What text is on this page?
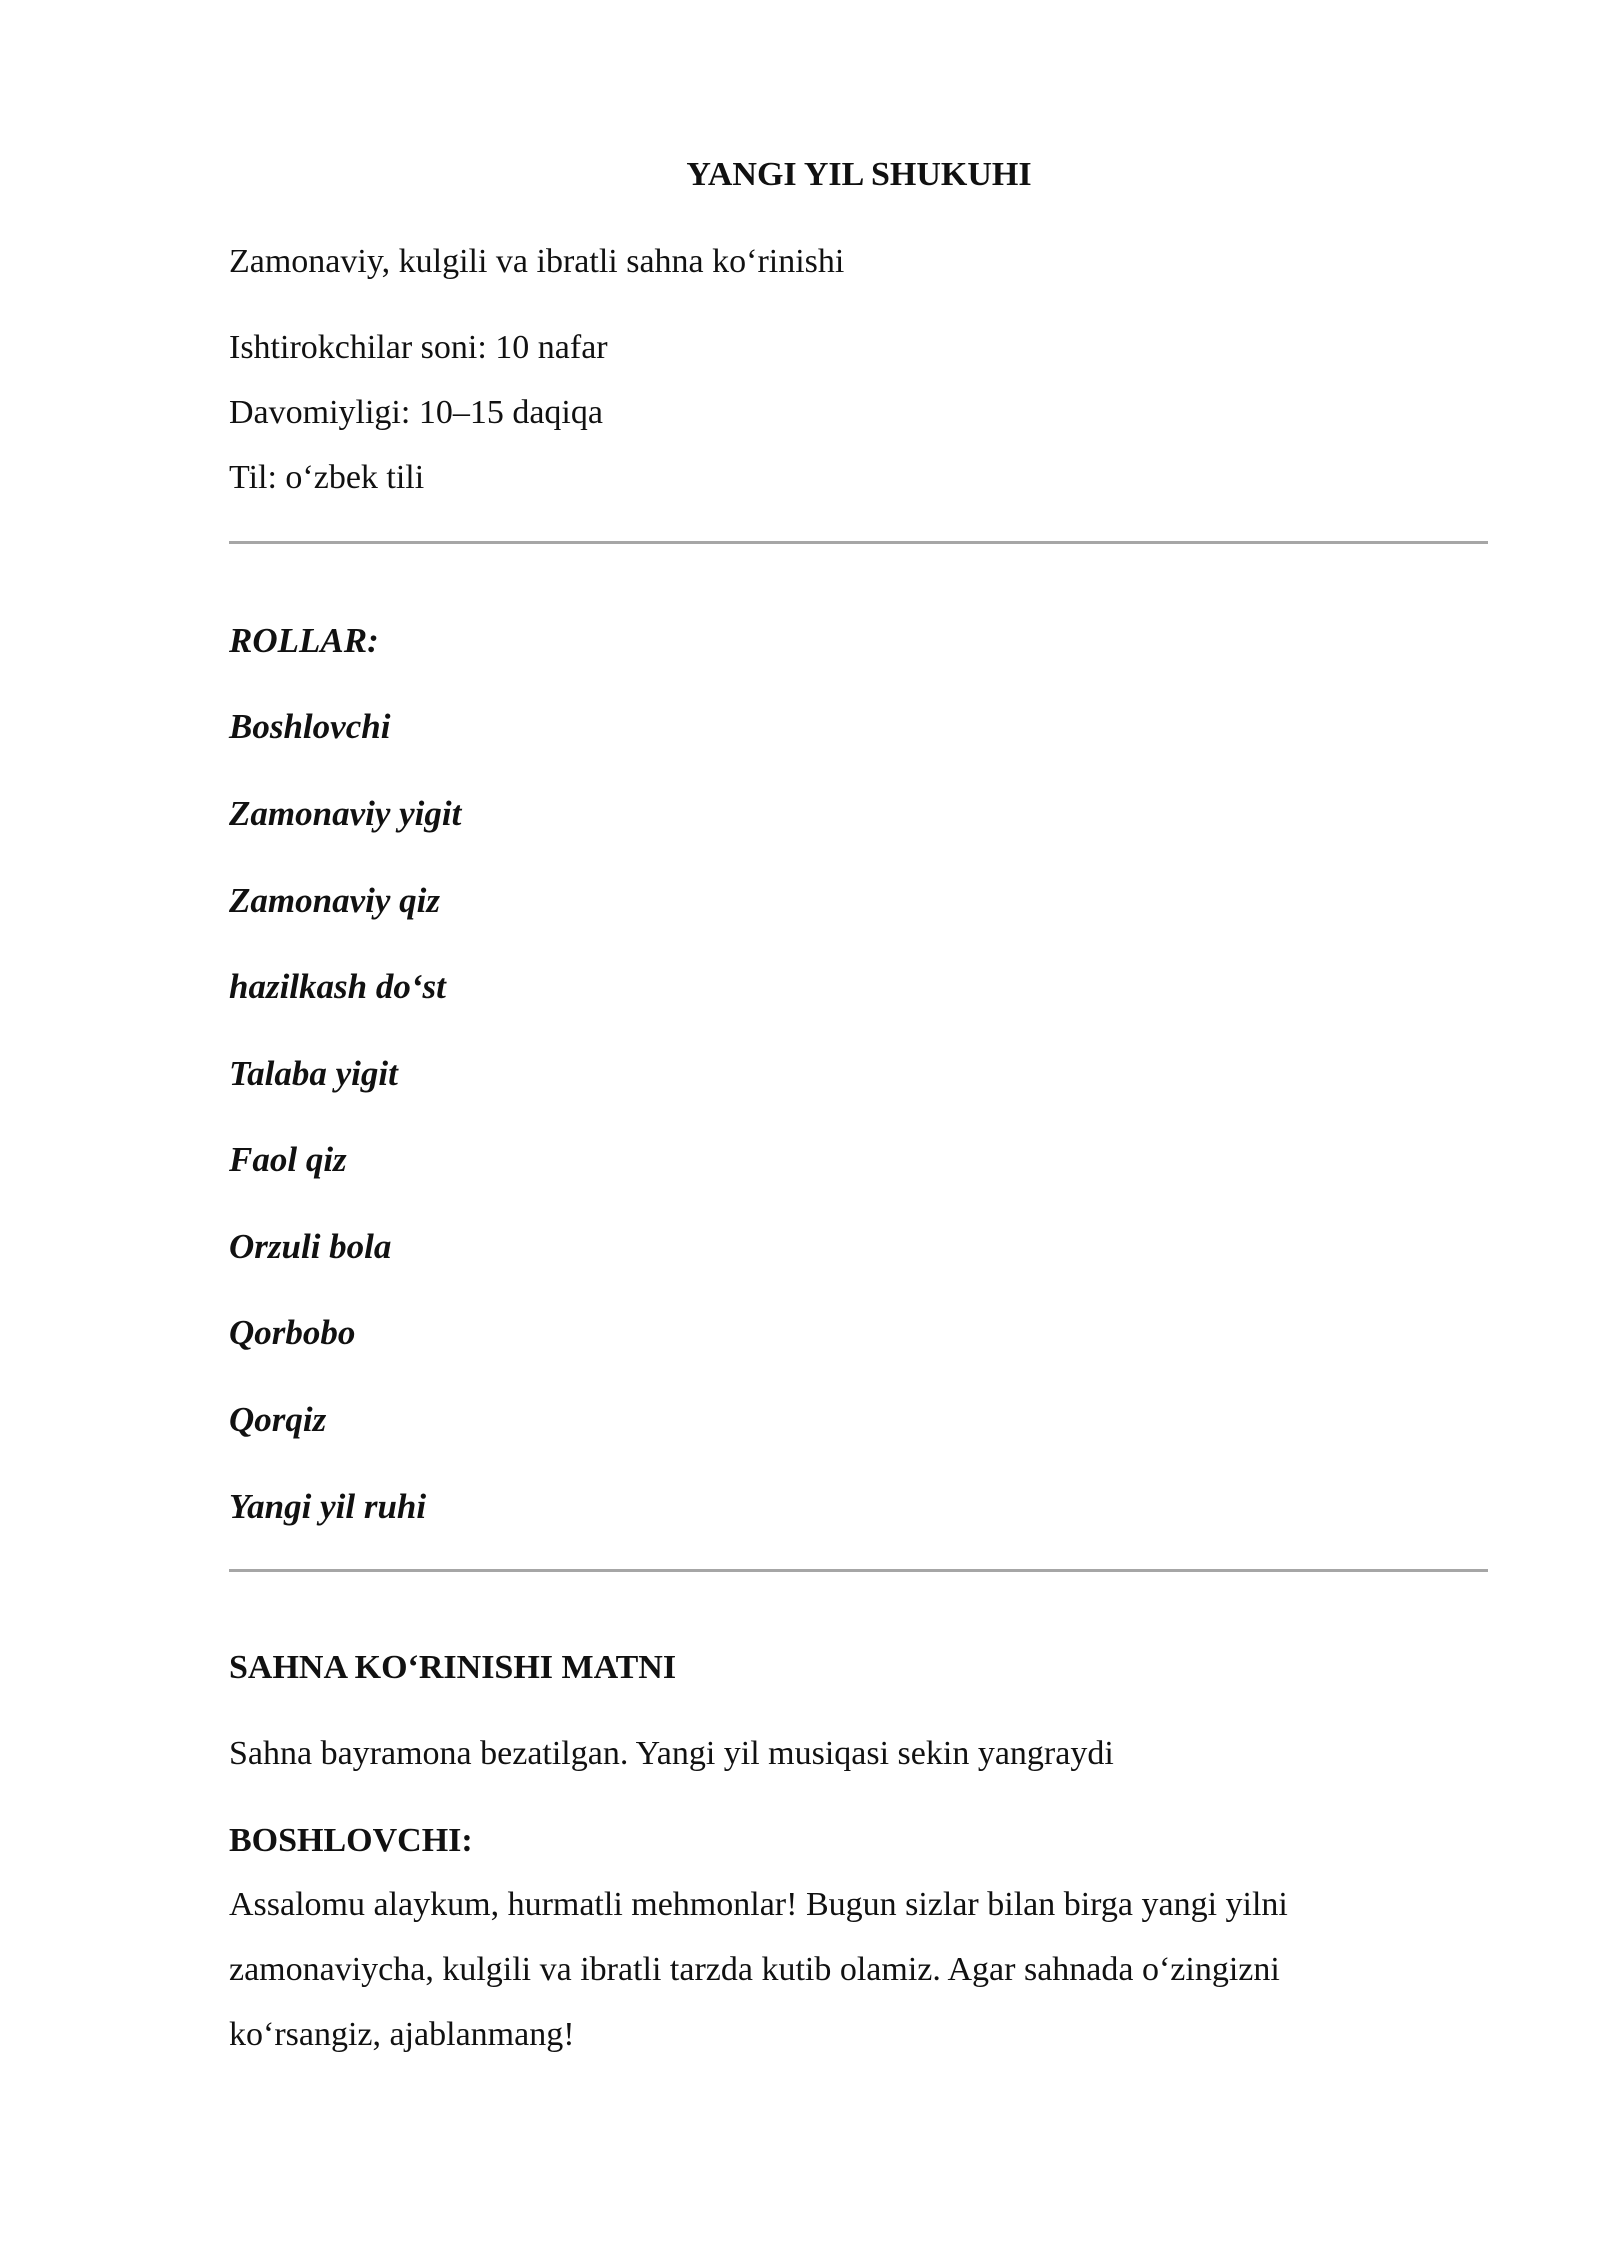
YANGI YIL SHUKUHI
Zamonaviy, kulgili va ibratli sahna ko‘rinishi
Ishtirokchilar soni: 10 nafar
Davomiyligi: 10–15 daqiqa
Til: o‘zbek tili
ROLLAR:
Boshlovchi
Zamonaviy yigit
Zamonaviy qiz
hazilkash do‘st
Talaba yigit
Faol qiz
Orzuli bola
Qorbobo
Qorqiz
Yangi yil ruhi
SAHNA KO‘RINISHI MATNI
Sahna bayramona bezatilgan. Yangi yil musiqasi sekin yangraydi
BOSHLOVCHI:
Assalomu alaykum, hurmatli mehmonlar! Bugun sizlar bilan birga yangi yilni
zamonaviycha, kulgili va ibratli tarzda kutib olamiz. Agar sahnada o‘zingizni
ko‘rsangiz, ajablanmang!
